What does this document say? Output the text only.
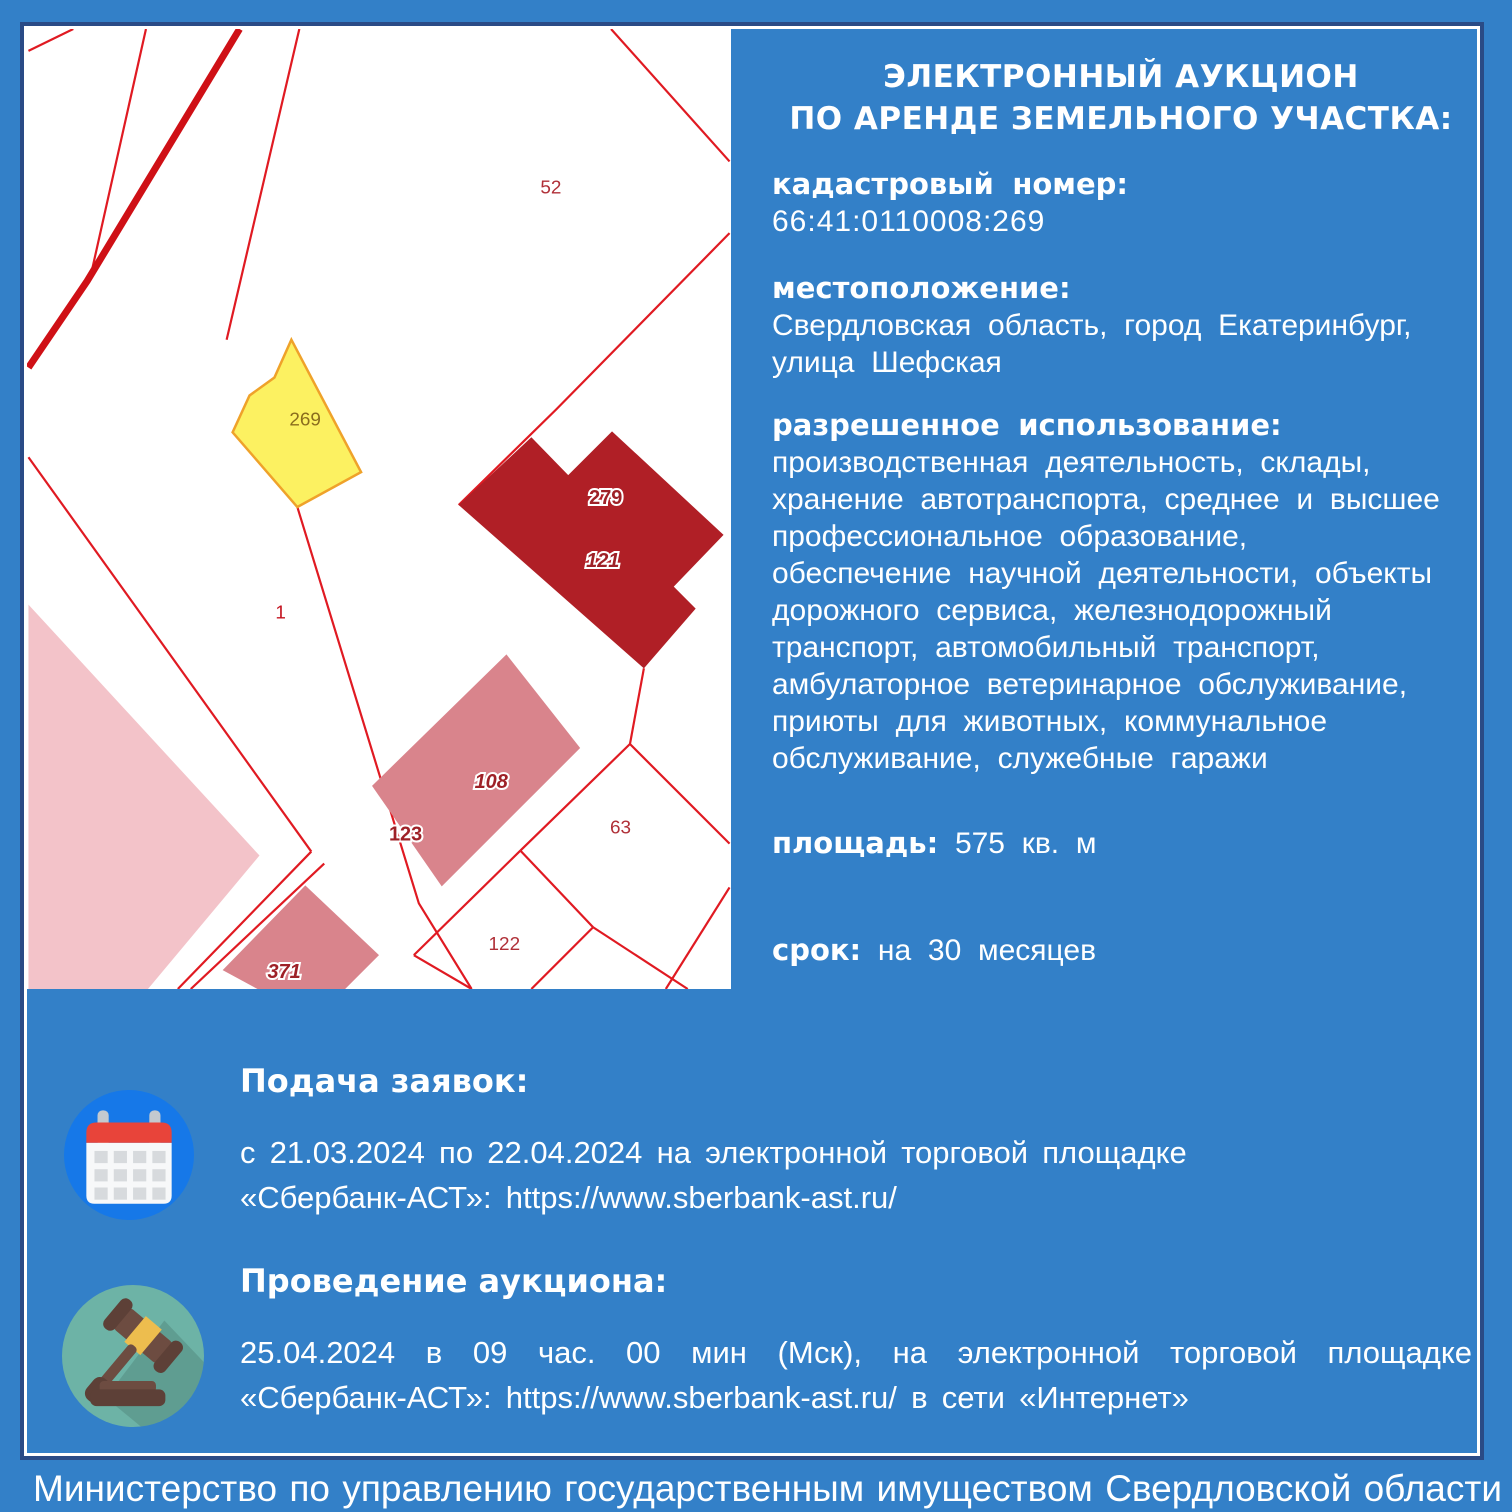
52
269
1
279
121
108
123	63
122
371
ЭЛЕКТРОННЫЙ АУКЦИОН
ПО АРЕНДЕ ЗЕМЕЛЬНОГО УЧАСТКА:
кадастровый номер:
66:41:0110008:269
местоположение:
Свердловская область, город Екатеринбург,
улица Шефская
разрешенное использование:
производственная деятельность, склады,
хранение автотранспорта, среднее и высшее
профессиональное образование,
обеспечение научной деятельности, объекты
дорожного сервиса, железнодорожный
транспорт, автомобильный транспорт,
амбулаторное ветеринарное обслуживание,
приюты для животных, коммунальное
обслуживание, служебные гаражи
площадь: 575 кв. м
срок: на 30 месяцев
Подача заявок:
с 21.03.2024 по 22.04.2024 на электронной торговой площадке
«Сбербанк-АСТ»: https://www.sberbank-ast.ru/
Проведение аукциона:
25.04.2024 в 09 час. 00 мин (Мск), на электронной торговой площадке
«Сбербанк-АСТ»: https://www.sberbank-ast.ru/ в сети «Интернет»
Министерство по управлению государственным имуществом Свердловской области
